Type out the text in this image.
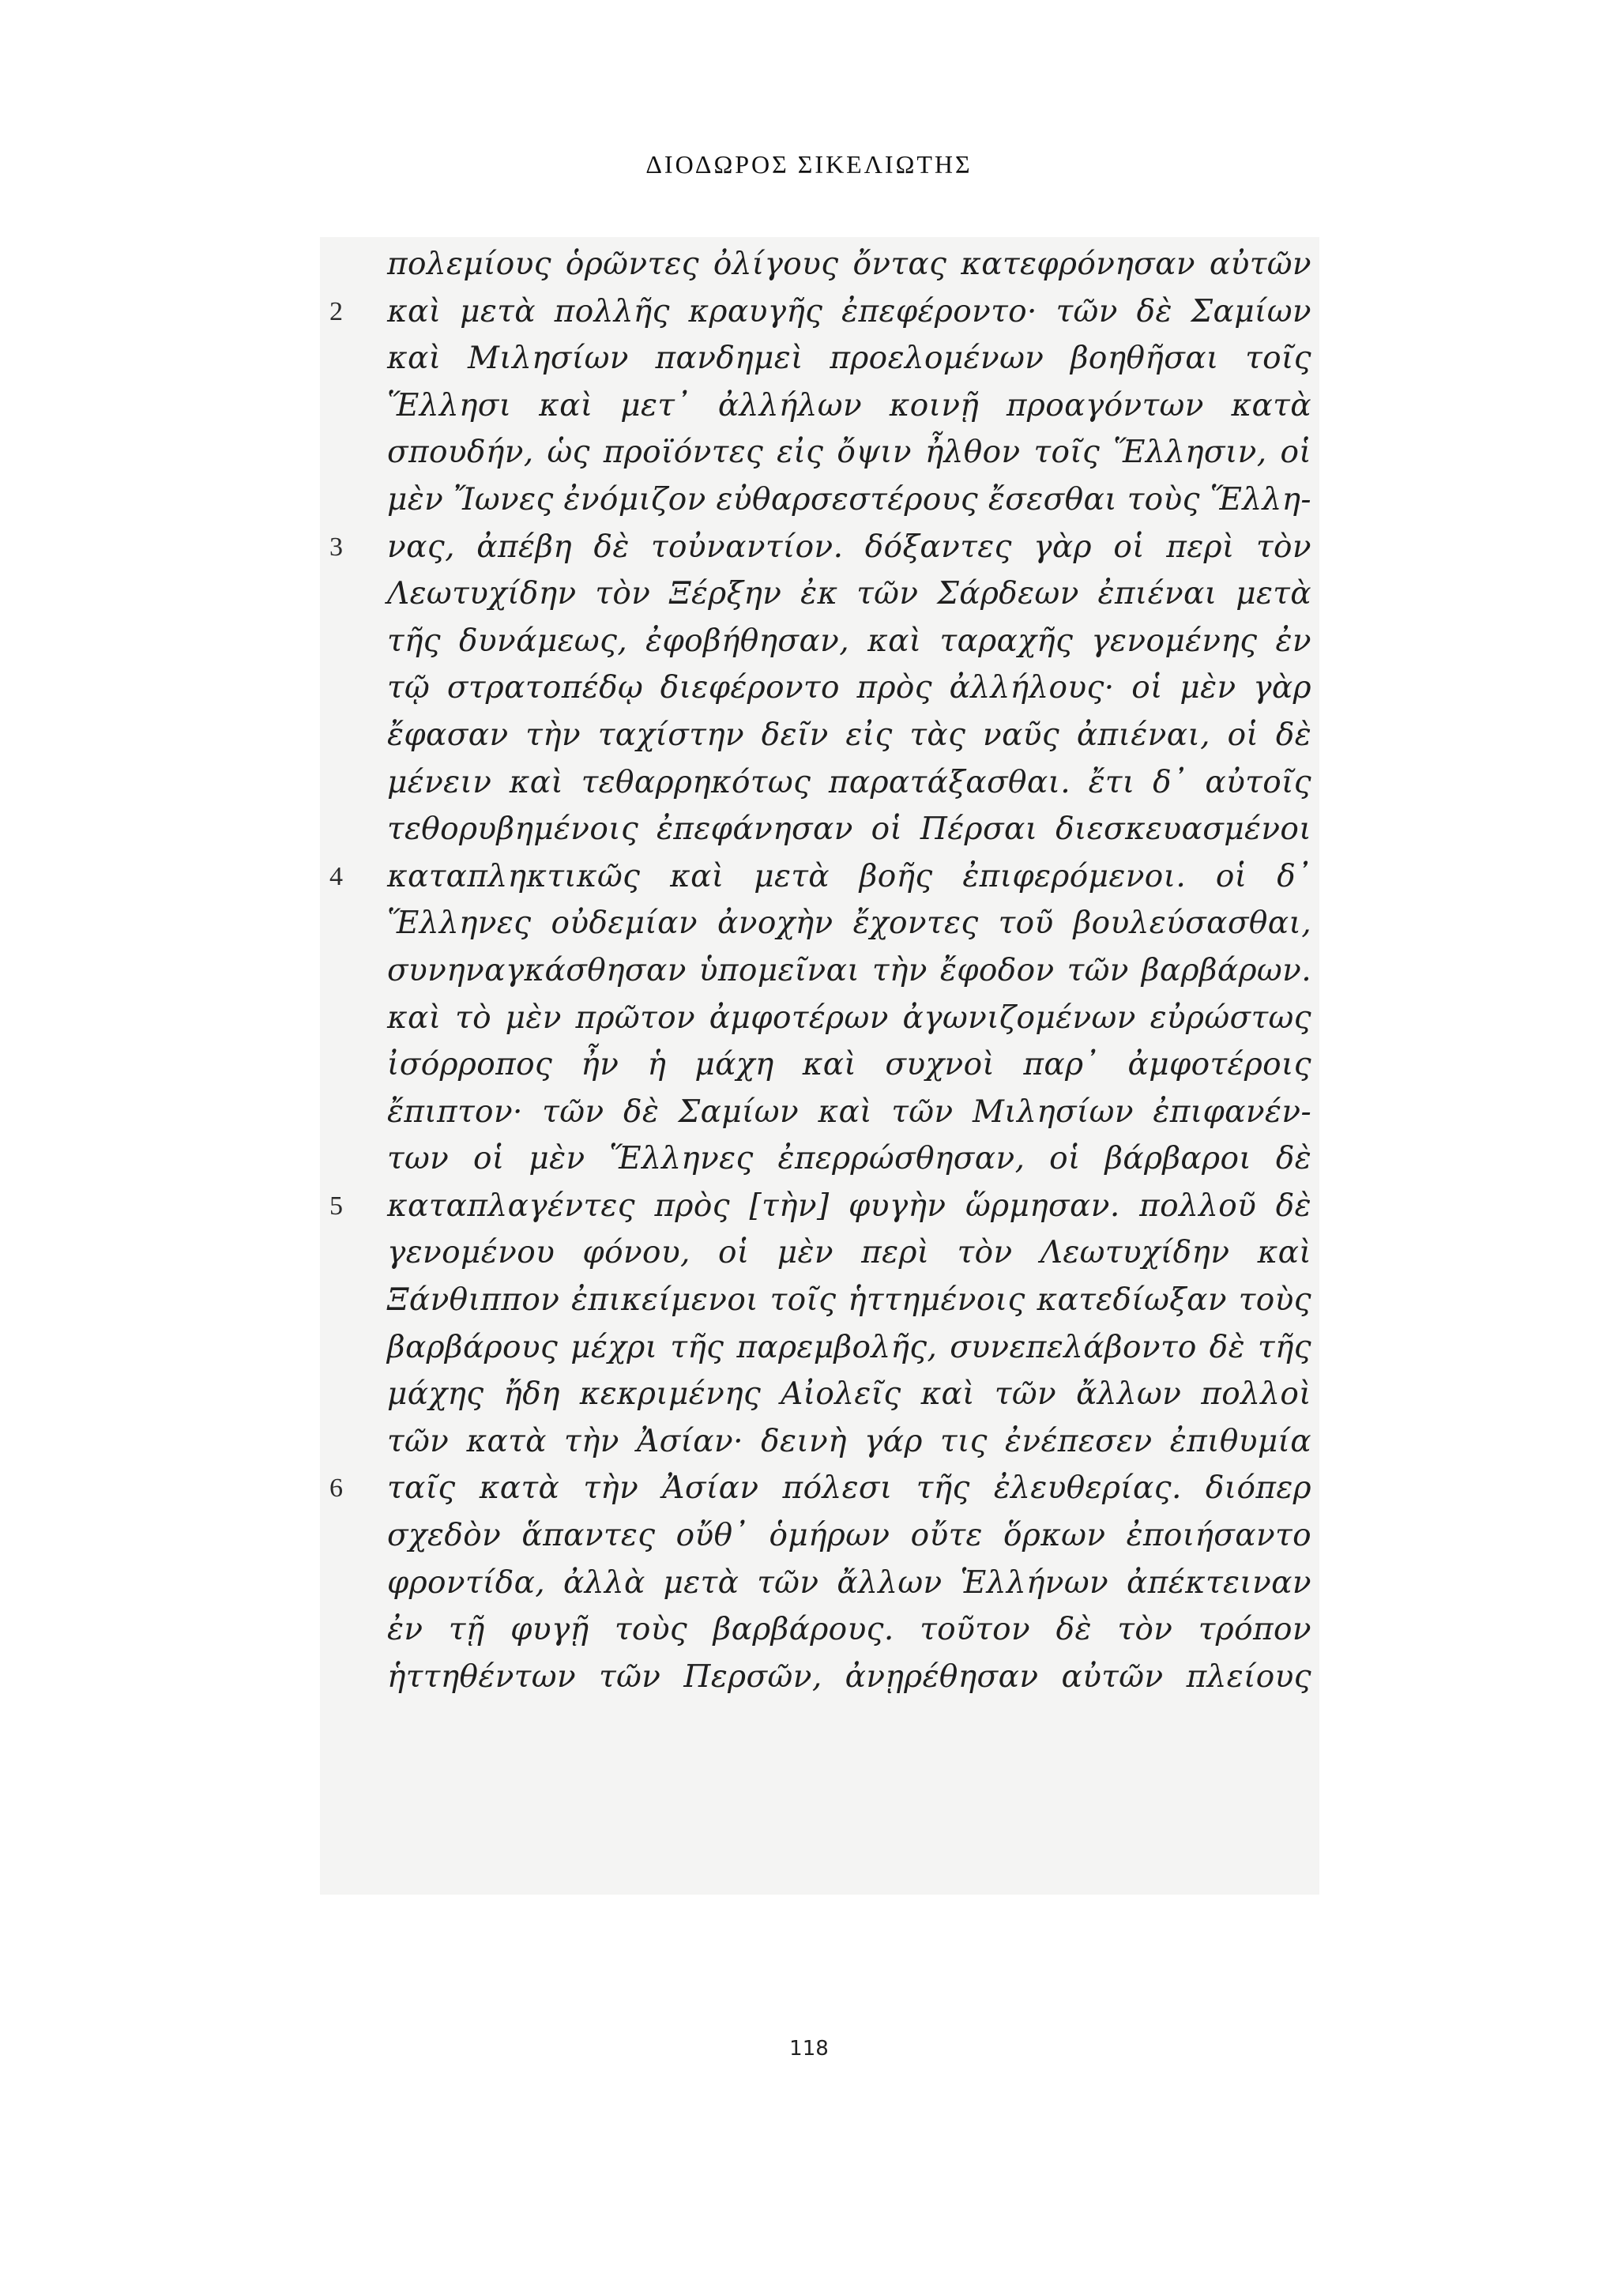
ΔΙΟΔΩΡΟΣ ΣΙΚΕΛΙΩΤΗΣ
πολεμίους ὁρῶντες ὀλίγους ὄντας κατεφρόνησαν αὐτῶν
2 καὶ μετὰ πολλῆς κραυγῆς ἐπεφέροντο· τῶν δὲ Σαμίων
καὶ Μιλησίων πανδημεὶ προελομένων βοηθῆσαι τοῖς
Ἕλλησι καὶ μετ᾽ ἀλλήλων κοινῇ προαγόντων κατὰ
σπουδήν, ὡς προϊόντες εἰς ὄψιν ἦλθον τοῖς Ἕλλησιν, οἱ
μὲν Ἴωνες ἐνόμιζον εὐθαρσεστέρους ἔσεσθαι τοὺς Ἕλλη-
3 νας, ἀπέβη δὲ τοὐναντίον. δόξαντες γὰρ οἱ περὶ τὸν
Λεωτυχίδην τὸν Ξέρξην ἐκ τῶν Σάρδεων ἐπιέναι μετὰ
τῆς δυνάμεως, ἐφοβήθησαν, καὶ ταραχῆς γενομένης ἐν
τῷ στρατοπέδῳ διεφέροντο πρὸς ἀλλήλους· οἱ μὲν γὰρ
ἔφασαν τὴν ταχίστην δεῖν εἰς τὰς ναῦς ἀπιέναι, οἱ δὲ
μένειν καὶ τεθαρρηκότως παρατάξασθαι. ἔτι δ᾽ αὐτοῖς
τεθορυβημένοις ἐπεφάνησαν οἱ Πέρσαι διεσκευασμένοι
4 καταπληκτικῶς καὶ μετὰ βοῆς ἐπιφερόμενοι. οἱ δ᾽
Ἕλληνες οὐδεμίαν ἀνοχὴν ἔχοντες τοῦ βουλεύσασθαι,
συνηναγκάσθησαν ὑπομεῖναι τὴν ἔφοδον τῶν βαρβάρων.
καὶ τὸ μὲν πρῶτον ἀμφοτέρων ἀγωνιζομένων εὐρώστως
ἰσόρροπος ἦν ἡ μάχη καὶ συχνοὶ παρ᾽ ἀμφοτέροις
ἔπιπτον· τῶν δὲ Σαμίων καὶ τῶν Μιλησίων ἐπιφανέν-
των οἱ μὲν Ἕλληνες ἐπερρώσθησαν, οἱ βάρβαροι δὲ
5 καταπλαγέντες πρὸς [τὴν] φυγὴν ὥρμησαν. πολλοῦ δὲ
γενομένου φόνου, οἱ μὲν περὶ τὸν Λεωτυχίδην καὶ
Ξάνθιππον ἐπικείμενοι τοῖς ἡττημένοις κατεδίωξαν τοὺς
βαρβάρους μέχρι τῆς παρεμβολῆς, συνεπελάβοντο δὲ τῆς
μάχης ἤδη κεκριμένης Αἰολεῖς καὶ τῶν ἄλλων πολλοὶ
τῶν κατὰ τὴν Ἀσίαν· δεινὴ γάρ τις ἐνέπεσεν ἐπιθυμία
6 ταῖς κατὰ τὴν Ἀσίαν πόλεσι τῆς ἐλευθερίας. διόπερ
σχεδὸν ἅπαντες οὔθ᾽ ὁμήρων οὔτε ὅρκων ἐποιήσαντο
φροντίδα, ἀλλὰ μετὰ τῶν ἄλλων Ἑλλήνων ἀπέκτειναν
ἐν τῇ φυγῇ τοὺς βαρβάρους. τοῦτον δὲ τὸν τρόπον
ἡττηθέντων τῶν Περσῶν, ἀνῃρέθησαν αὐτῶν πλείους
118
